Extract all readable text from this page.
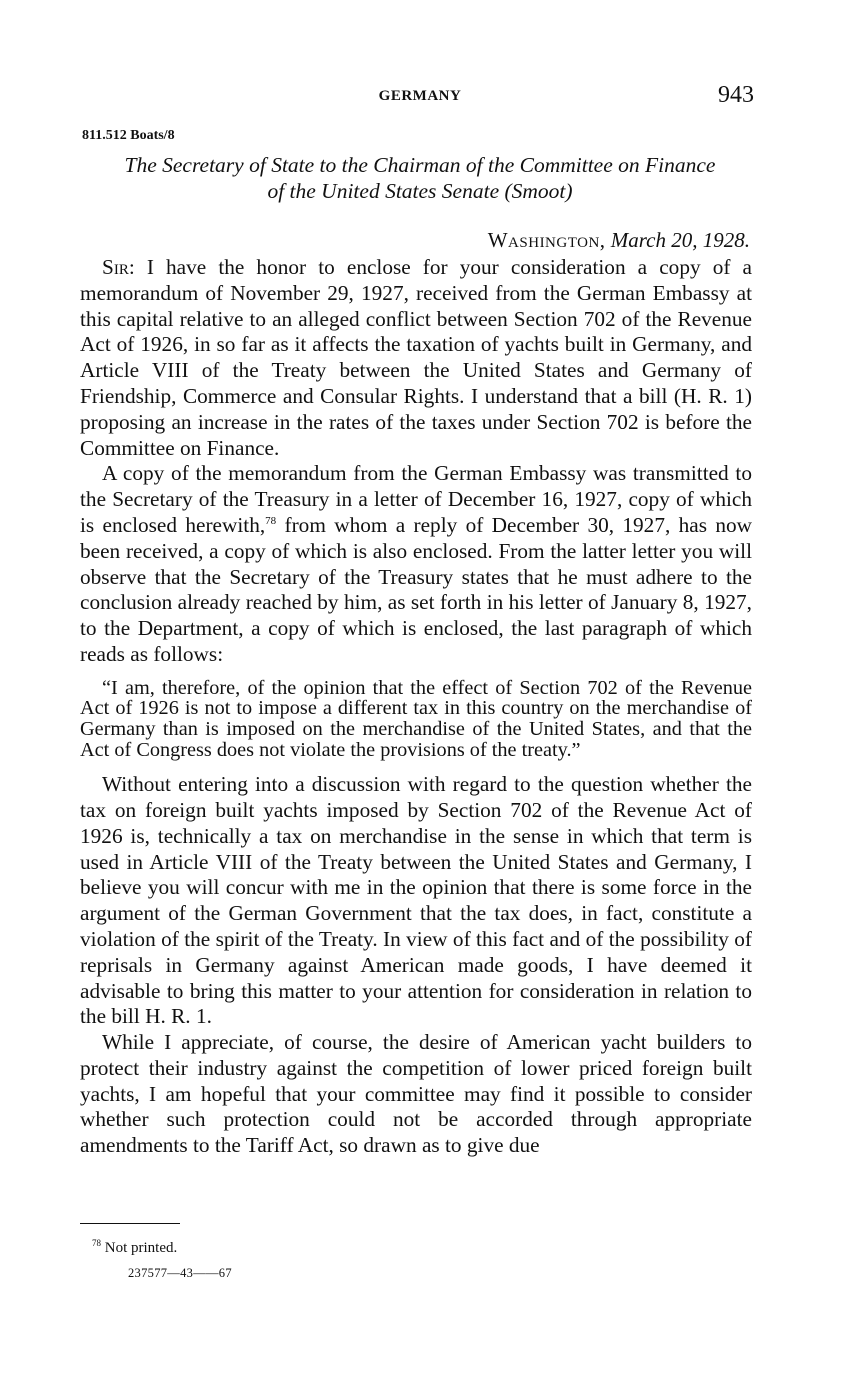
GERMANY	943
811.512 Boats/8
The Secretary of State to the Chairman of the Committee on Finance
of the United States Senate (Smoot)
Washington, March 20, 1928.

Sir: I have the honor to enclose for your consideration a copy of a memorandum of November 29, 1927, received from the German Embassy at this capital relative to an alleged conflict between Section 702 of the Revenue Act of 1926, in so far as it affects the taxation of yachts built in Germany, and Article VIII of the Treaty between the United States and Germany of Friendship, Commerce and Consular Rights. I understand that a bill (H. R. 1) proposing an increase in the rates of the taxes under Section 702 is before the Committee on Finance.

A copy of the memorandum from the German Embassy was transmitted to the Secretary of the Treasury in a letter of December 16, 1927, copy of which is enclosed herewith,$^{78}$ from whom a reply of December 30, 1927, has now been received, a copy of which is also enclosed. From the latter letter you will observe that the Secretary of the Treasury states that he must adhere to the conclusion already reached by him, as set forth in his letter of January 8, 1927, to the Department, a copy of which is enclosed, the last paragraph of which reads as follows:

“I am, therefore, of the opinion that the effect of Section 702 of the Revenue Act of 1926 is not to impose a different tax in this country on the merchandise of Germany than is imposed on the merchandise of the United States, and that the Act of Congress does not violate the provisions of the treaty.”

Without entering into a discussion with regard to the question whether the tax on foreign built yachts imposed by Section 702 of the Revenue Act of 1926 is, technically a tax on merchandise in the sense in which that term is used in Article VIII of the Treaty between the United States and Germany, I believe you will concur with me in the opinion that there is some force in the argument of the German Government that the tax does, in fact, constitute a violation of the spirit of the Treaty. In view of this fact and of the possibility of reprisals in Germany against American made goods, I have deemed it advisable to bring this matter to your attention for consideration in relation to the bill H. R. 1.

While I appreciate, of course, the desire of American yacht builders to protect their industry against the competition of lower priced foreign built yachts, I am hopeful that your committee may find it possible to consider whether such protection could not be accorded through appropriate amendments to the Tariff Act, so drawn as to give due

$^{78}$ Not printed.
237577—43——67
